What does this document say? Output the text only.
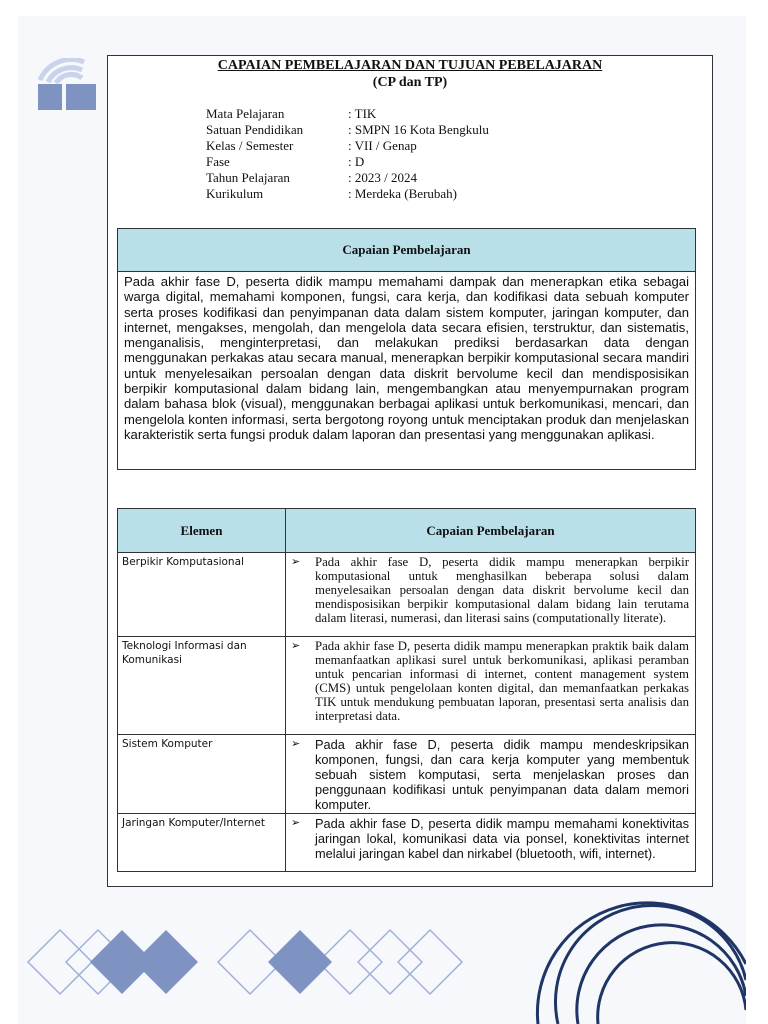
CAPAIAN PEMBELAJARAN DAN TUJUAN PEBELAJARAN
(CP dan TP)
Mata Pelajaran	: TIK
Satuan Pendidikan	: SMPN 16 Kota Bengkulu
Kelas / Semester	: VII / Genap
Fase	: D
Tahun Pelajaran	: 2023 / 2024
Kurikulum	: Merdeka (Berubah)
Capaian Pembelajaran
Pada akhir fase D, peserta didik mampu memahami dampak dan menerapkan etika sebagai warga digital, memahami komponen, fungsi, cara kerja, dan kodifikasi data sebuah komputer serta proses kodifikasi dan penyimpanan data dalam sistem komputer, jaringan komputer, dan internet, mengakses, mengolah, dan mengelola data secara efisien, terstruktur, dan sistematis, menganalisis, menginterpretasi, dan melakukan prediksi berdasarkan data dengan menggunakan perkakas atau secara manual, menerapkan berpikir komputasional secara mandiri untuk menyelesaikan persoalan dengan data diskrit bervolume kecil dan mendisposisikan berpikir komputasional dalam bidang lain, mengembangkan atau menyempurnakan program dalam bahasa blok (visual), menggunakan berbagai aplikasi untuk berkomunikasi, mencari, dan mengelola konten informasi, serta bergotong royong untuk menciptakan produk dan menjelaskan karakteristik serta fungsi produk dalam laporan dan presentasi yang menggunakan aplikasi.
Elemen	Capaian Pembelajaran
Berpikir Komputasional	➢ Pada akhir fase D, peserta didik mampu menerapkan berpikir komputasional untuk menghasilkan beberapa solusi dalam menyelesaikan persoalan dengan data diskrit bervolume kecil dan mendisposisikan berpikir komputasional dalam bidang lain terutama dalam literasi, numerasi, dan literasi sains (computationally literate).

Teknologi Informasi dan Komunikasi	➢ Pada akhir fase D, peserta didik mampu menerapkan praktik baik dalam memanfaatkan aplikasi surel untuk berkomunikasi, aplikasi peramban untuk pencarian informasi di internet, content management system (CMS) untuk pengelolaan konten digital, dan memanfaatkan perkakas TIK untuk mendukung pembuatan laporan, presentasi serta analisis dan interpretasi data.

Sistem Komputer	➢ Pada akhir fase D, peserta didik mampu mendeskripsikan komponen, fungsi, dan cara kerja komputer yang membentuk sebuah sistem komputasi, serta menjelaskan proses dan penggunaan kodifikasi untuk penyimpanan data dalam memori komputer.

Jaringan Komputer/Internet	➢ Pada akhir fase D, peserta didik mampu memahami konektivitas jaringan lokal, komunikasi data via ponsel, konektivitas internet melalui jaringan kabel dan nirkabel (bluetooth, wifi, internet).
